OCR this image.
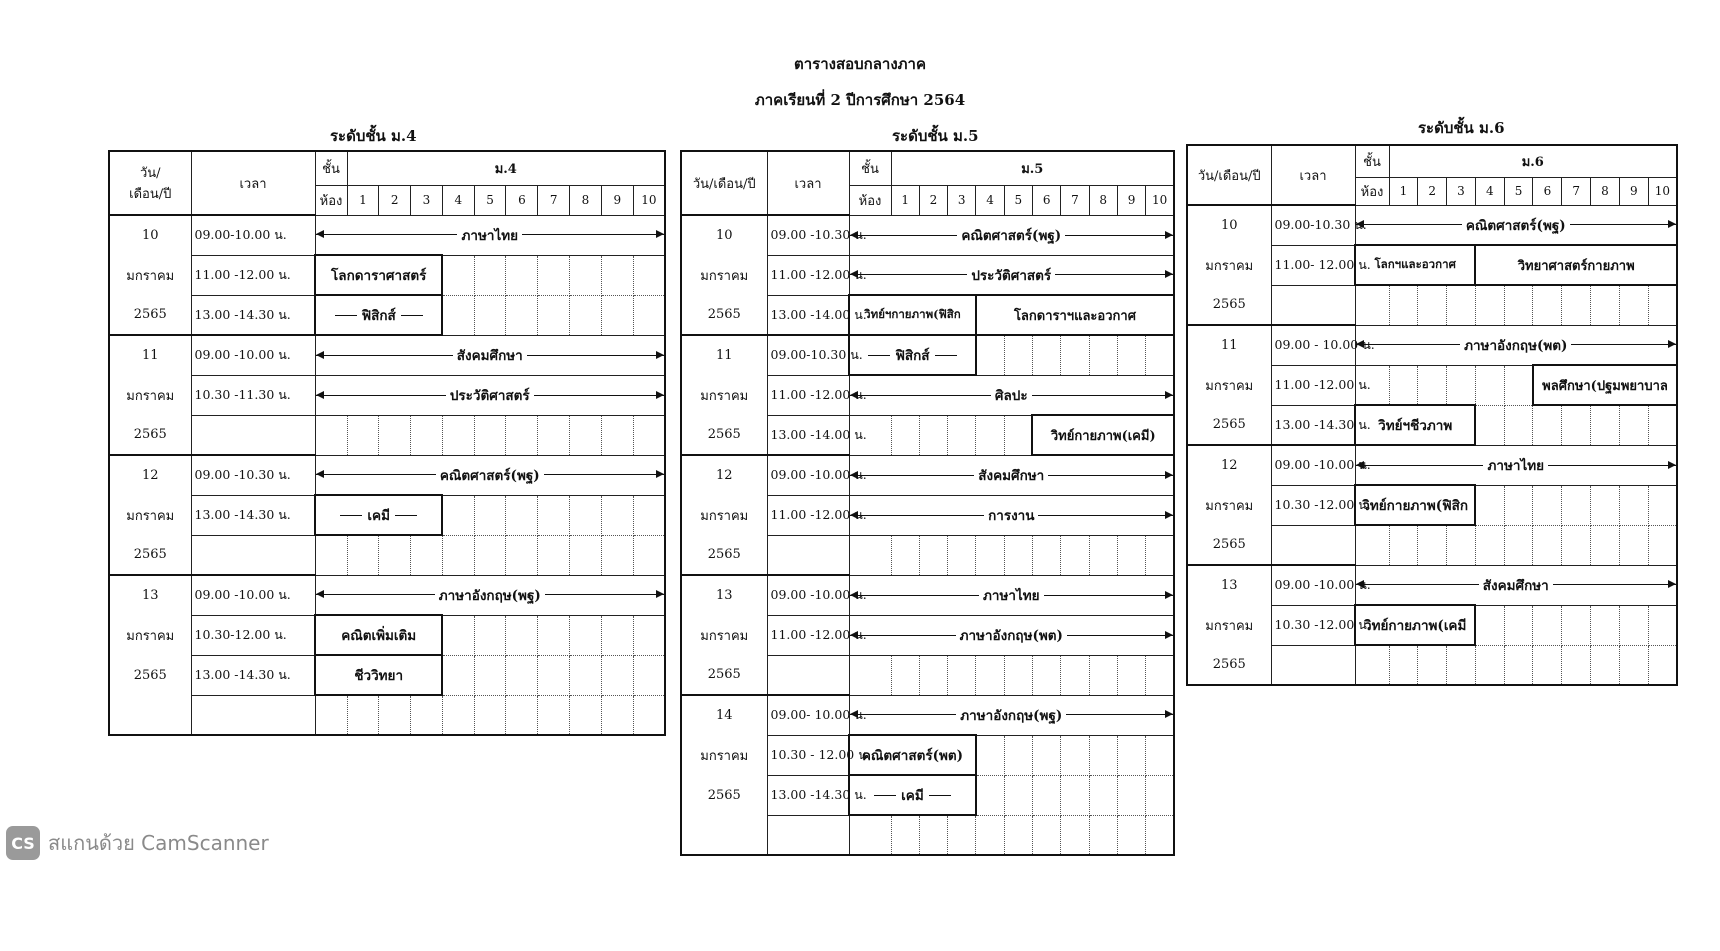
ตารางสอบกลางภาค
ภาคเรียนที่ 2 ปีการศึกษา 2564
ระดับชั้น ม.4	ระดับชั้น ม.5	ระดับชั้น ม.6
วัน/
เดือน/ปี	เวลา	ชั้น	ม.4									
		ห้อง	1	2	3	4	5	6	7	8	9	10
10	09.00-10.00 น.	ภาษาไทย										

มกราคม	11.00 -12.00 น.	โลกดาราศาสตร์										
2565	13.00 -14.30 น.	ฟิสิกส์										

11	09.00 -10.00 น.	สังคมศึกษา										

มกราคม	10.30 -11.30 น.	ประวัติศาสตร์										

2565												
12	09.00 -10.30 น.	คณิตศาสตร์(พฐ)										

มกราคม	13.00 -14.30 น.	เคมี										

2565												
13	09.00 -10.00 น.	ภาษาอังกฤษ(พฐ)										

มกราคม	10.30-12.00 น.	คณิตเพิ่มเติม										
2565	13.00 -14.30 น.	ชีววิทยา										

วัน/เดือน/ปี	เวลา	ชั้น	ม.5									
		ห้อง	1	2	3	4	5	6	7	8	9	10
10	09.00 -10.30 น.	คณิตศาสตร์(พฐ)										

มกราคม	11.00 -12.00 น.	ประวัติศาสตร์										

2565	13.00 -14.00 น.	วิทย์ฯกายภาพ(ฟิสิก				โลกดาราฯและอวกาศ						
11	09.00-10.30 น.	ฟิสิกส์										

มกราคม	11.00 -12.00 น.	ศิลปะ										

2565	13.00 -14.00 น.							วิทย์กายภาพ(เคมี)				
12	09.00 -10.00 น.	สังคมศึกษา										

มกราคม	11.00 -12.00 น.	การงาน										

2565												
13	09.00 -10.00 น.	ภาษาไทย										

มกราคม	11.00 -12.00 น.	ภาษาอังกฤษ(พต)										

2565												
14	09.00- 10.00 น.	ภาษาอังกฤษ(พฐ)										

มกราคม	10.30 - 12.00 น.	คณิตศาสตร์(พต)										
2565	13.00 -14.30 น.	เคมี										

วัน/เดือน/ปี	เวลา	ชั้น	ม.6									
		ห้อง	1	2	3	4	5	6	7	8	9	10
10	09.00-10.30 น.	คณิตศาสตร์(พฐ)										

มกราคม	11.00- 12.00 น.	โลกฯและอวกาศ				วิทยาศาสตร์กายภาพ						
2565												
11	09.00 - 10.00 น.	ภาษาอังกฤษ(พต)										

มกราคม	11.00 -12.00 น.							พลศึกษา(ปฐมพยาบาล				
2565	13.00 -14.30 น.	วิทย์ฯชีวภาพ										
12	09.00 -10.00 น.	ภาษาไทย										

มกราคม	10.30 -12.00 น.	วิทย์กายภาพ(ฟิสิก										
2565												
13	09.00 -10.00 น.	สังคมศึกษา										

มกราคม	10.30 -12.00 น.	วิทย์กายภาพ(เคมี										
2565												
CS สแกนด้วย CamScanner
